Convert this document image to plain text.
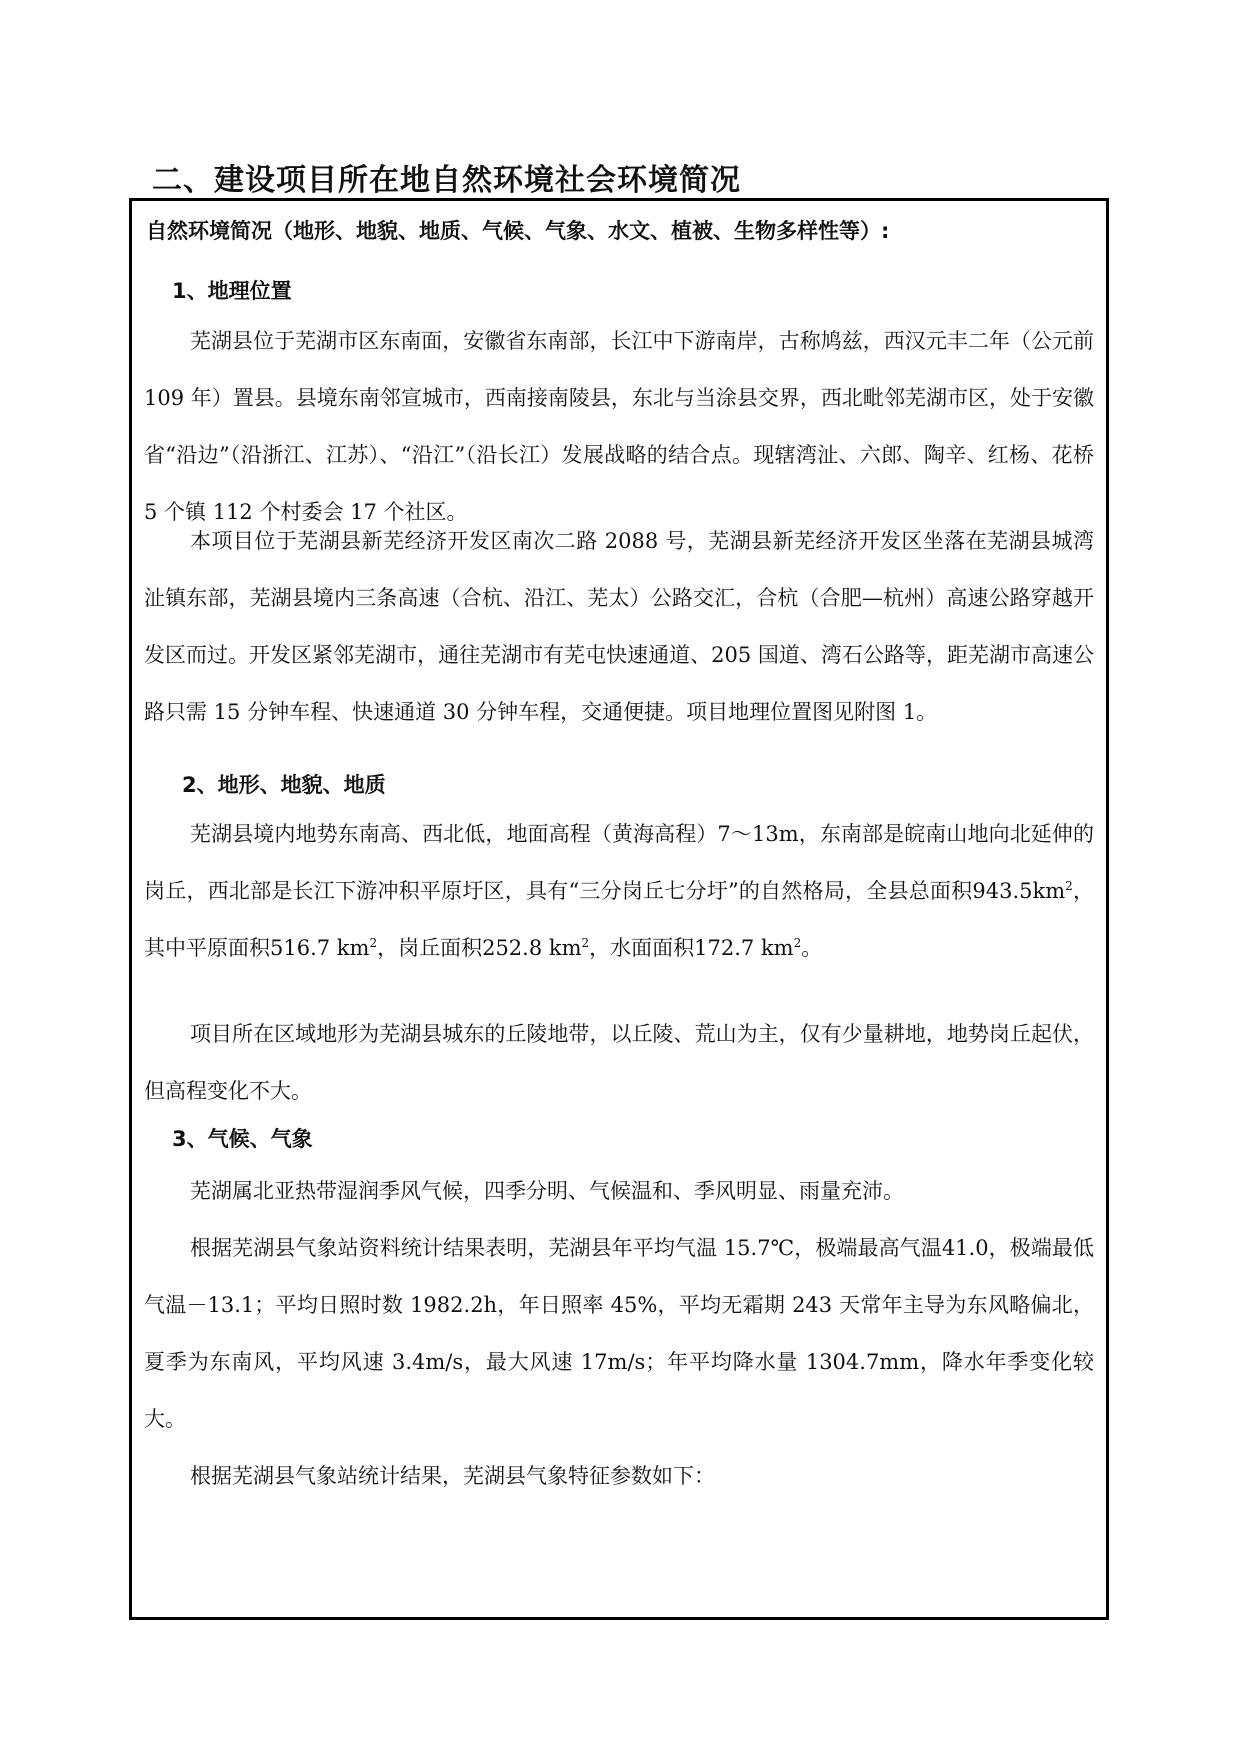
二、建设项目所在地自然环境社会环境简况

自然环境简况（地形、地貌、地质、气候、气象、水文、植被、生物多样性等）:

1、地理位置

芜湖县位于芜湖市区东南面，安徽省东南部，长江中下游南岸，古称鸠兹，西汉元丰二年（公元前 109 年）置县。县境东南邻宣城市，西南接南陵县，东北与当涂县交界，西北毗邻芜湖市区，处于安徽省“沿边”（沿浙江、江苏）、“沿江”（沿长江）发展战略的结合点。现辖湾沚、六郎、陶辛、红杨、花桥 5 个镇 112 个村委会 17 个社区。

本项目位于芜湖县新芜经济开发区南次二路 2088 号，芜湖县新芜经济开发区坐落在芜湖县城湾沚镇东部，芜湖县境内三条高速（合杭、沿江、芜太）公路交汇，合杭（合肥—杭州）高速公路穿越开发区而过。开发区紧邻芜湖市，通往芜湖市有芜屯快速通道、205 国道、湾石公路等，距芜湖市高速公路只需 15 分钟车程、快速通道 30 分钟车程，交通便捷。项目地理位置图见附图 1。

2、地形、地貌、地质

芜湖县境内地势东南高、西北低，地面高程（黄海高程）7～13m，东南部是皖南山地向北延伸的岗丘，西北部是长江下游冲积平原圩区，具有“三分岗丘七分圩”的自然格局，全县总面积$943.5km^2$，其中平原面积516.7 $km^2$，岗丘面积252.8 $km^2$，水面面积172.7 $km^2$。

项目所在区域地形为芜湖县城东的丘陵地带，以丘陵、荒山为主，仅有少量耕地，地势岗丘起伏，但高程变化不大。

3、气候、气象

芜湖属北亚热带湿润季风气候，四季分明、气候温和、季风明显、雨量充沛。

根据芜湖县气象站资料统计结果表明，芜湖县年平均气温 15.7℃，极端最高气温41.0，极端最低气温－13.1；平均日照时数 1982.2h，年日照率 45%，平均无霜期 243 天常年主导为东风略偏北，夏季为东南风，平均风速 3.4m/s，最大风速 17m/s；年平均降水量 1304.7mm，降水年季变化较大。

根据芜湖县气象站统计结果，芜湖县气象特征参数如下：
